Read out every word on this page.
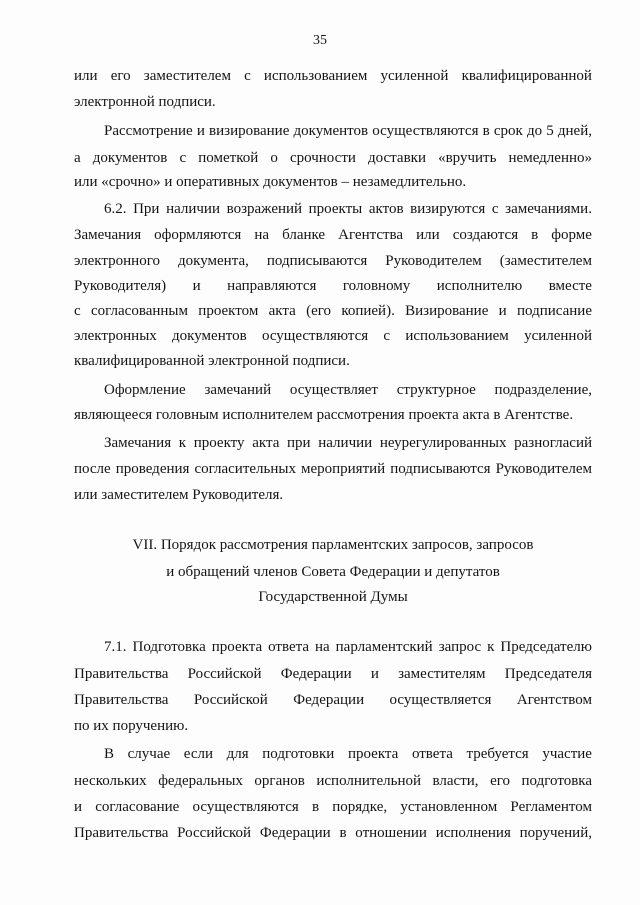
35
или его заместителем с использованием усиленной квалифицированной
электронной подписи.
Рассмотрение и визирование документов осуществляются в срок до 5 дней,
а документов с пометкой о срочности доставки «вручить немедленно»
или «срочно» и оперативных документов – незамедлительно.
6.2. При наличии возражений проекты актов визируются с замечаниями.
Замечания оформляются на бланке Агентства или создаются в форме
электронного документа, подписываются Руководителем (заместителем
Руководителя) и направляются головному исполнителю вместе
с согласованным проектом акта (его копией). Визирование и подписание
электронных документов осуществляются с использованием усиленной
квалифицированной электронной подписи.
Оформление замечаний осуществляет структурное подразделение,
являющееся головным исполнителем рассмотрения проекта акта в Агентстве.
Замечания к проекту акта при наличии неурегулированных разногласий
после проведения согласительных мероприятий подписываются Руководителем
или заместителем Руководителя.
VII. Порядок рассмотрения парламентских запросов, запросов
и обращений членов Совета Федерации и депутатов
Государственной Думы
7.1. Подготовка проекта ответа на парламентский запрос к Председателю
Правительства Российской Федерации и заместителям Председателя
Правительства Российской Федерации осуществляется Агентством
по их поручению.
В случае если для подготовки проекта ответа требуется участие
нескольких федеральных органов исполнительной власти, его подготовка
и согласование осуществляются в порядке, установленном Регламентом
Правительства Российской Федерации в отношении исполнения поручений,
